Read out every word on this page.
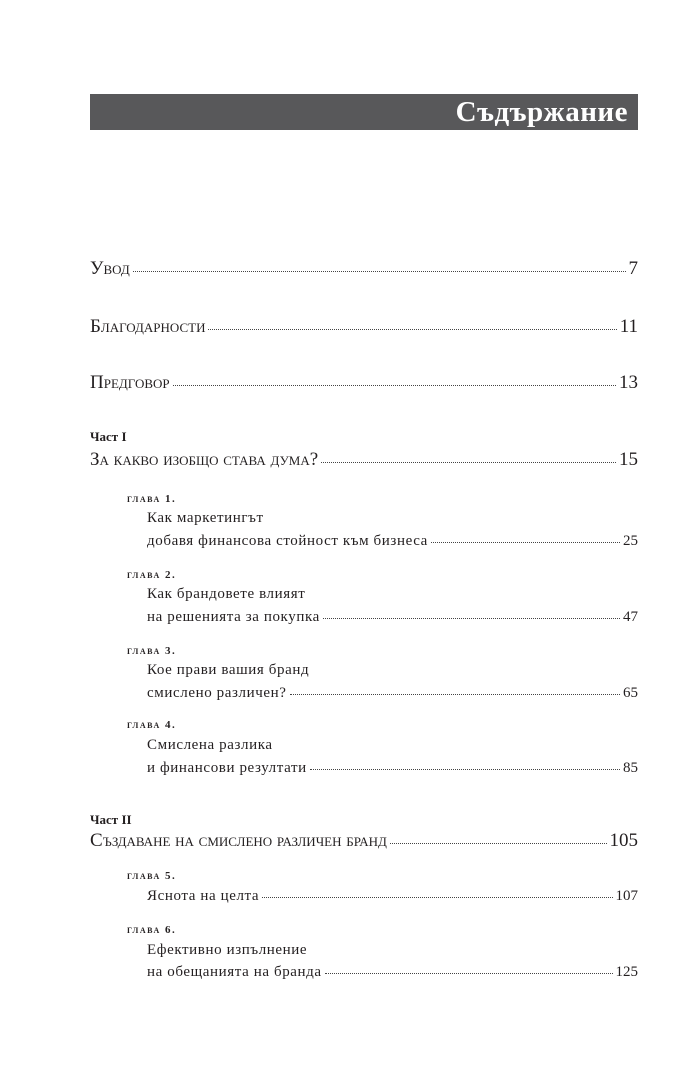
Съдържание
Увод	7
Благодарности	11
Предговор	13
Част I
За какво изобщо става дума?	15
глава 1.
Как маркетингът
добавя финансова стойност към бизнеса	25
глава 2.
Как брандовете влияят
на решенията за покупка	47
глава 3.
Кое прави вашия бранд
смислено различен?	65
глава 4.
Смислена разлика
и финансови резултати	85
Част II
Създаване на смислено различен бранд	105
глава 5.
Яснота на целта	107
глава 6.
Ефективно изпълнение
на обещанията на бранда	125
